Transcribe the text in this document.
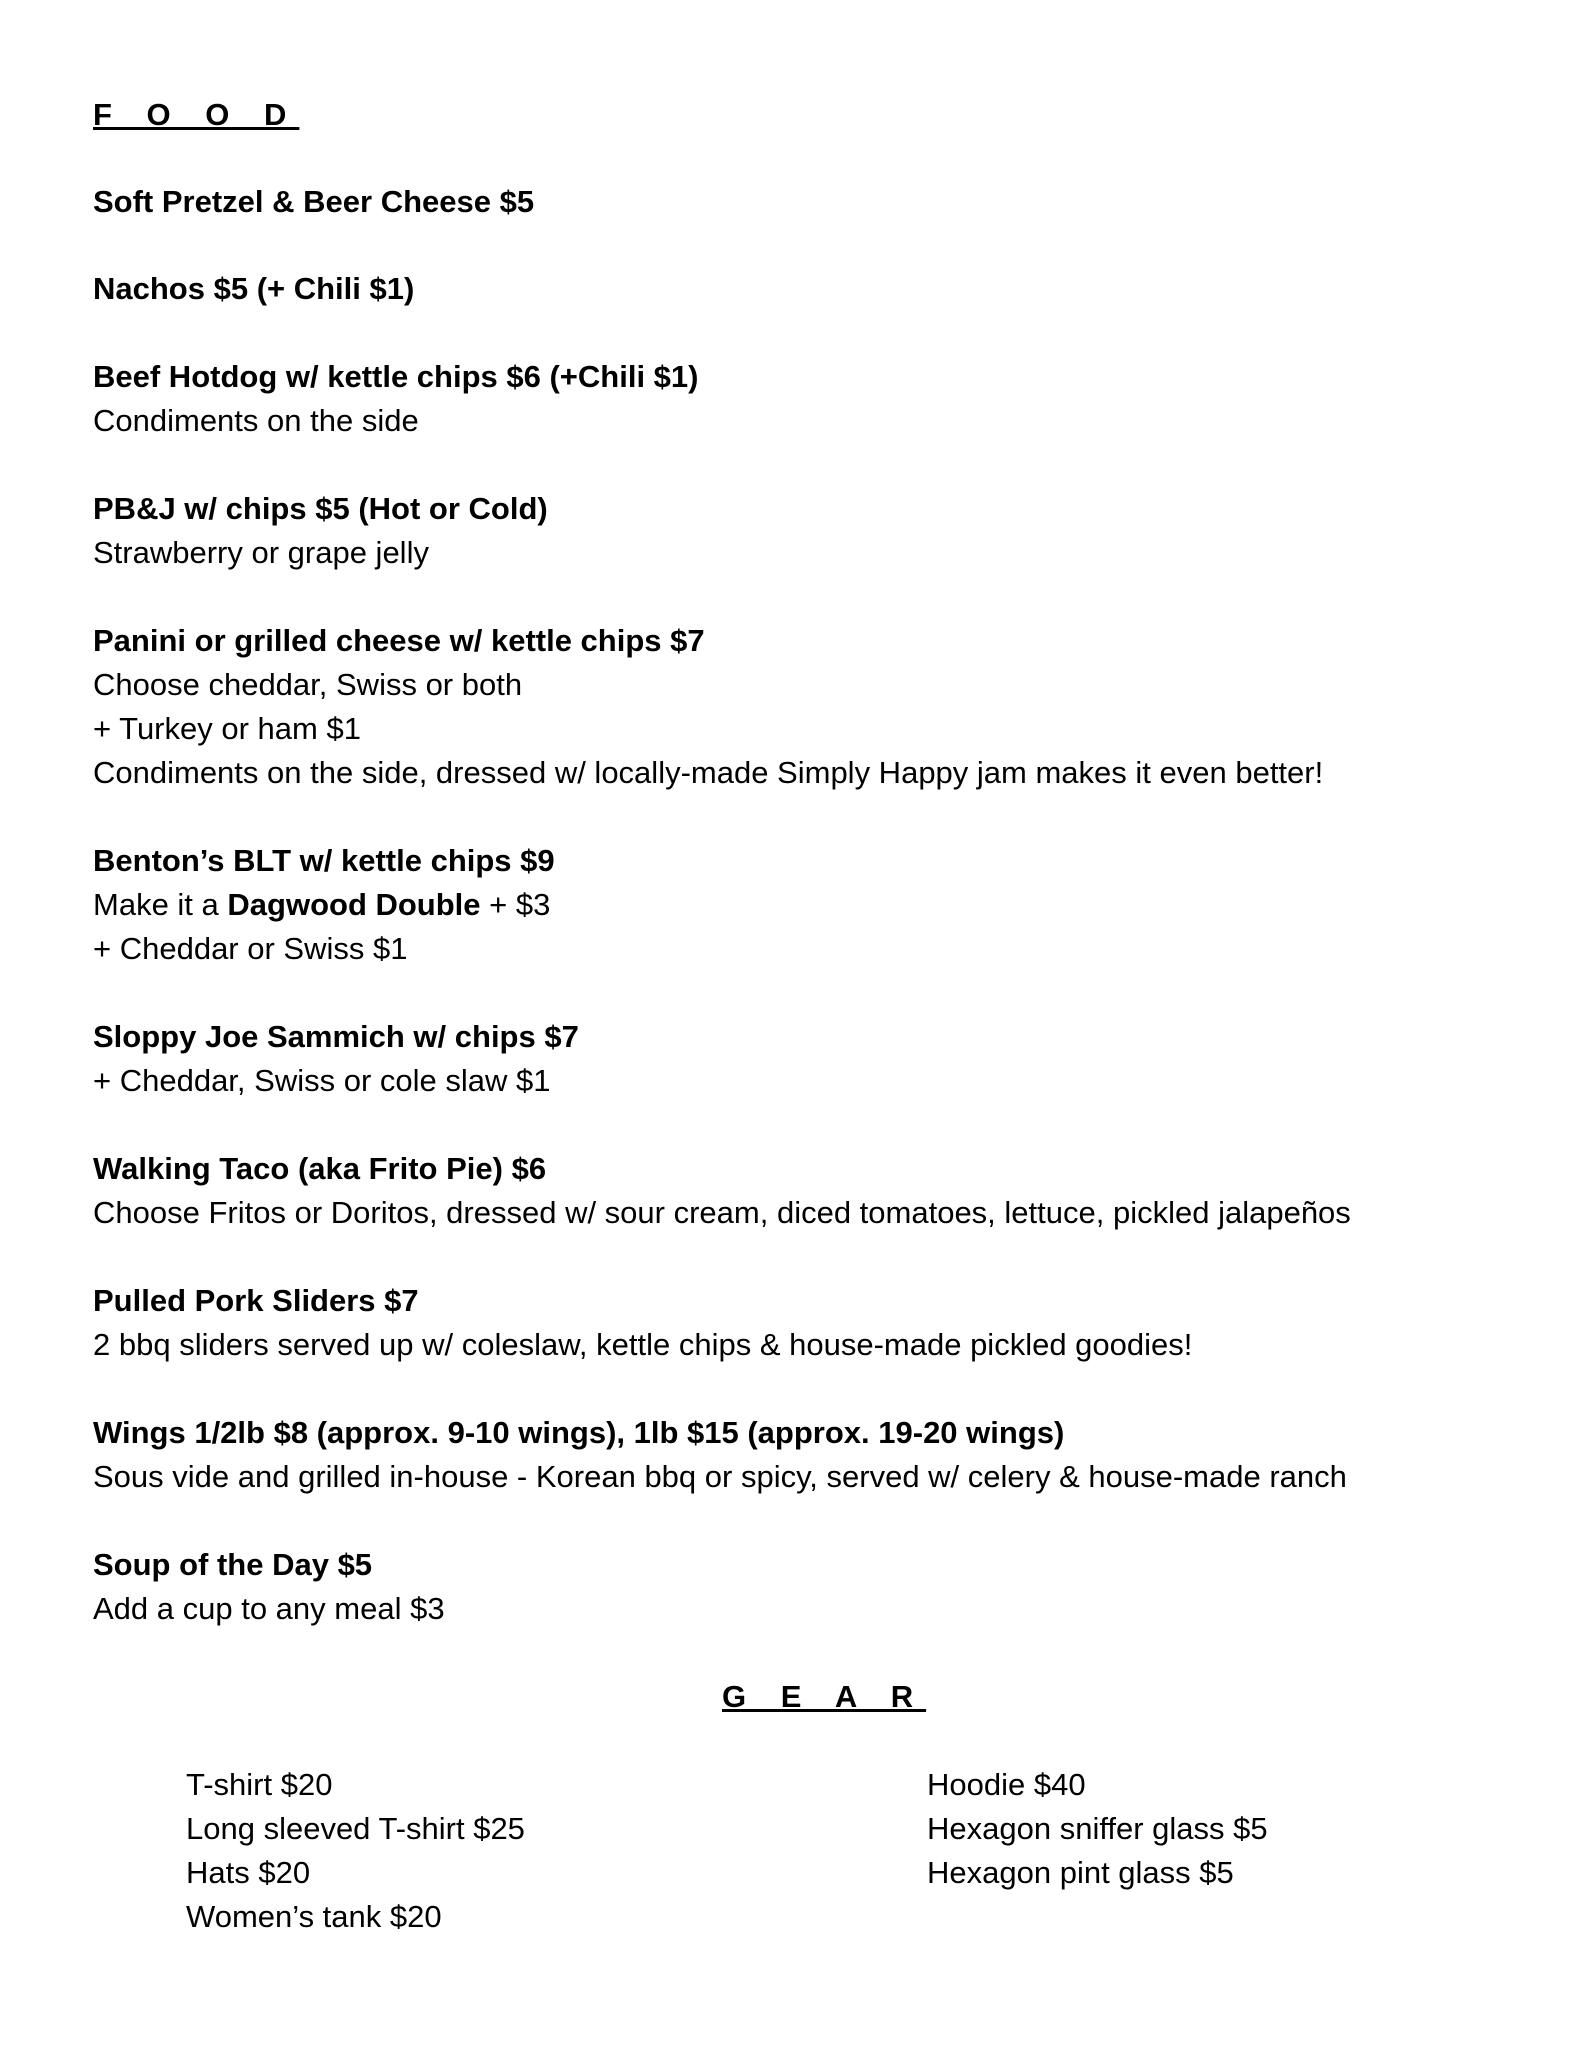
F O O D
Soft Pretzel & Beer Cheese $5
Nachos $5 (+ Chili $1)
Beef Hotdog w/ kettle chips $6 (+Chili $1)
Condiments on the side
PB&J w/ chips $5 (Hot or Cold)
Strawberry or grape jelly
Panini or grilled cheese w/ kettle chips $7
Choose cheddar, Swiss or both
+ Turkey or ham $1
Condiments on the side, dressed w/ locally-made Simply Happy jam makes it even better!
Benton’s BLT w/ kettle chips $9
Make it a Dagwood Double + $3
+ Cheddar or Swiss $1
Sloppy Joe Sammich w/ chips $7
+ Cheddar, Swiss or cole slaw $1
Walking Taco (aka Frito Pie) $6
Choose Fritos or Doritos, dressed w/ sour cream, diced tomatoes, lettuce, pickled jalapeños
Pulled Pork Sliders $7
2 bbq sliders served up w/ coleslaw, kettle chips & house-made pickled goodies!
Wings 1/2lb $8 (approx. 9-10 wings), 1lb $15 (approx. 19-20 wings)
Sous vide and grilled in-house - Korean bbq or spicy, served w/ celery & house-made ranch
Soup of the Day $5
Add a cup to any meal $3
G E A R
T-shirt $20
Long sleeved T-shirt $25
Hats $20
Women’s tank $20
Hoodie $40
Hexagon sniffer glass $5
Hexagon pint glass $5
